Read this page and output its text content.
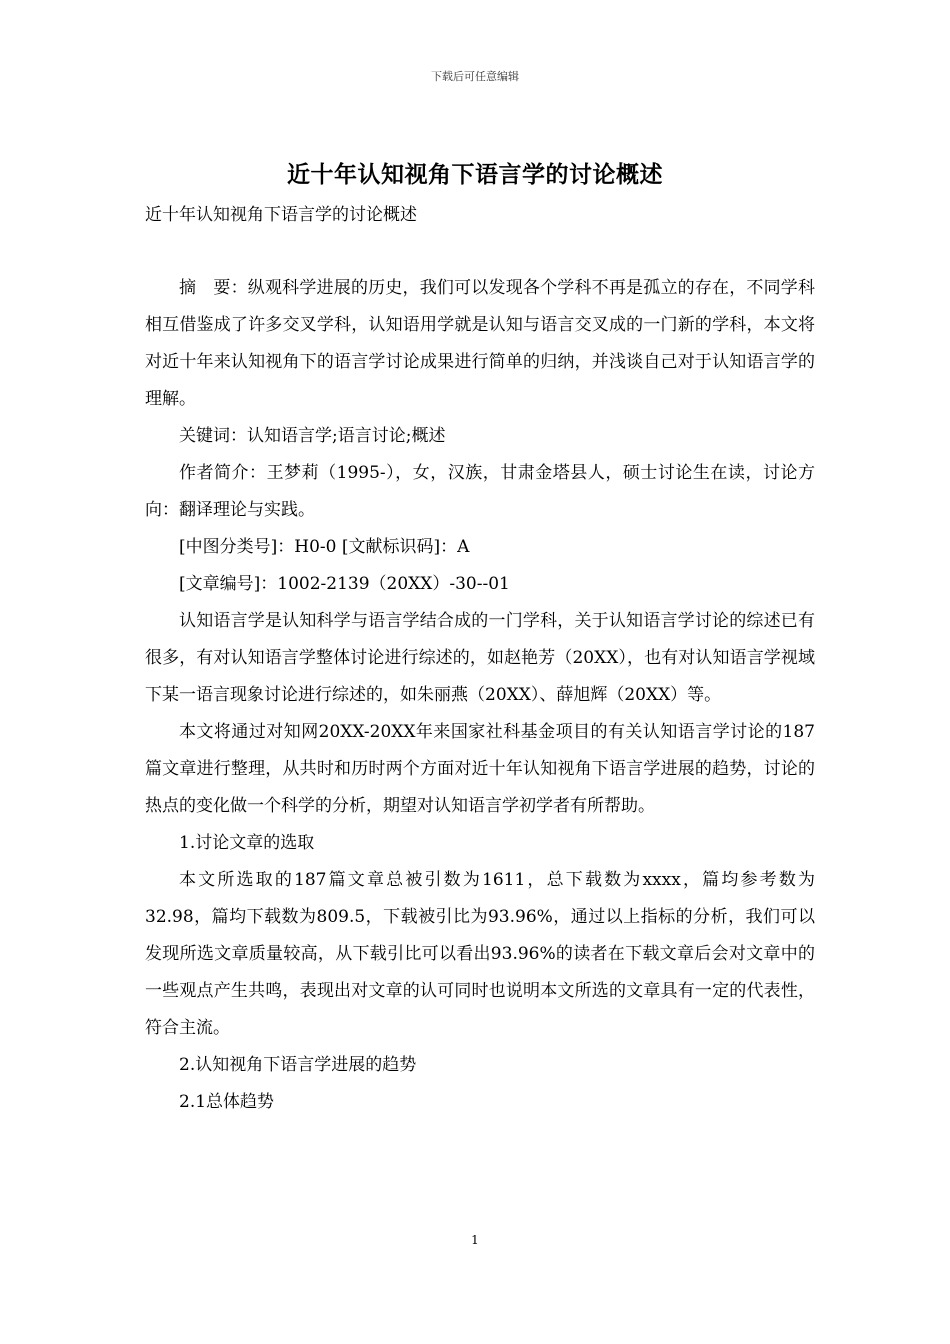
下载后可任意编辑
近十年认知视角下语言学的讨论概述
近十年认知视角下语言学的讨论概述

摘　要：纵观科学进展的历史，我们可以发现各个学科不再是孤立的存在，不同学科相互借鉴成了许多交叉学科，认知语用学就是认知与语言交叉成的一门新的学科，本文将对近十年来认知视角下的语言学讨论成果进行简单的归纳，并浅谈自己对于认知语言学的理解。

关键词：认知语言学;语言讨论;概述

作者简介：王梦莉（1995-），女，汉族，甘肃金塔县人，硕士讨论生在读，讨论方向：翻译理论与实践。

[中图分类号]：H0-0 [文献标识码]：A

[文章编号]：1002-2139（20XX）-30--01

认知语言学是认知科学与语言学结合成的一门学科，关于认知语言学讨论的综述已有很多，有对认知语言学整体讨论进行综述的，如赵艳芳（20XX），也有对认知语言学视域下某一语言现象讨论进行综述的，如朱丽燕（20XX）、薛旭辉（20XX）等。

本文将通过对知网20XX-20XX年来国家社科基金项目的有关认知语言学讨论的187篇文章进行整理，从共时和历时两个方面对近十年认知视角下语言学进展的趋势，讨论的热点的变化做一个科学的分析，期望对认知语言学初学者有所帮助。

1.讨论文章的选取

本文所选取的187篇文章总被引数为1611，总下载数为xxxx，篇均参考数为32.98，篇均下载数为809.5，下载被引比为93.96%，通过以上指标的分析，我们可以发现所选文章质量较高，从下载引比可以看出93.96%的读者在下载文章后会对文章中的一些观点产生共鸣，表现出对文章的认可同时也说明本文所选的文章具有一定的代表性，符合主流。

2.认知视角下语言学进展的趋势

2.1总体趋势

1
